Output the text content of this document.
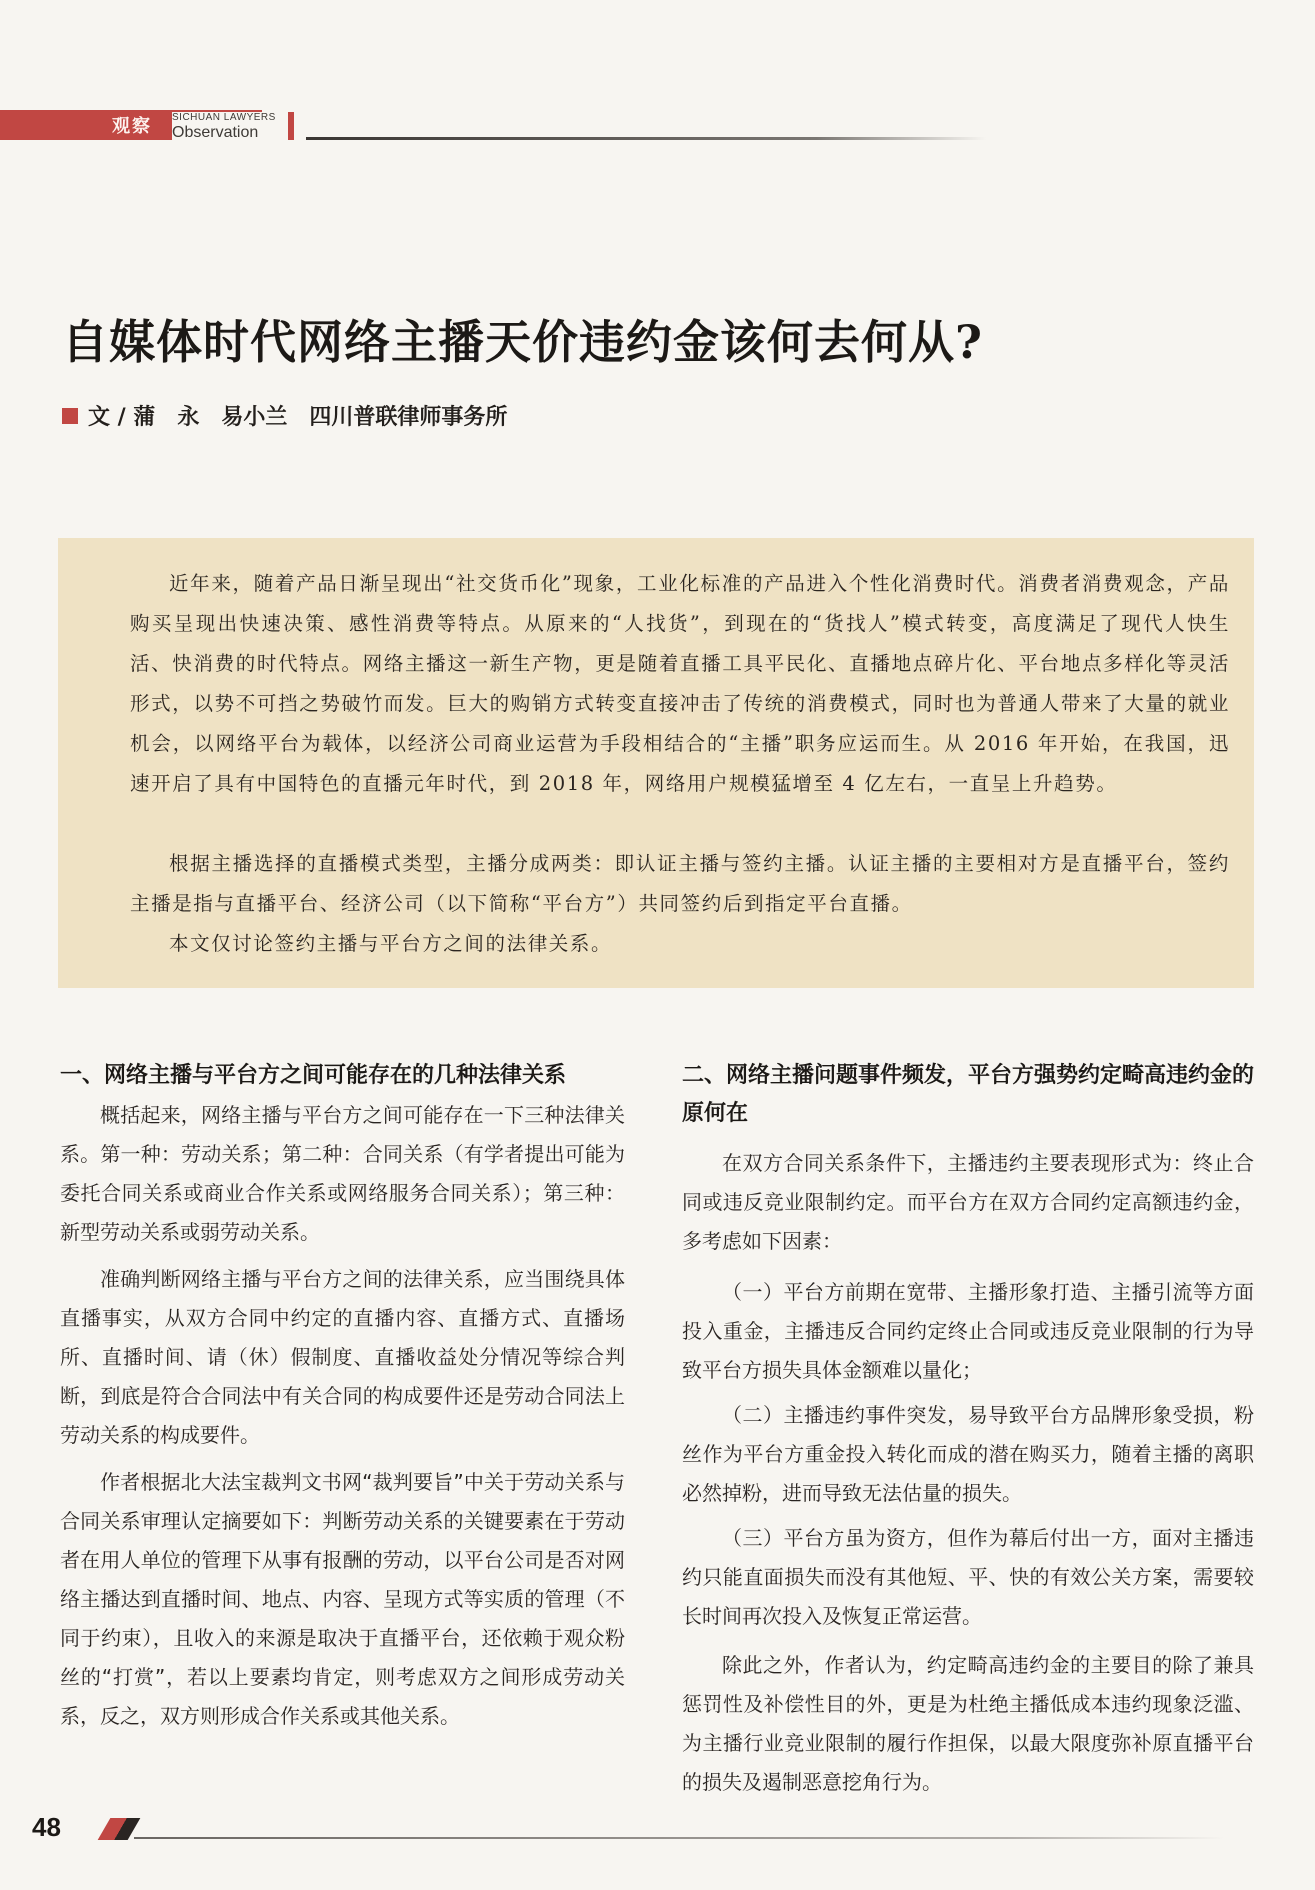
观察 SICHUAN LAWYERS
Observation
自媒体时代网络主播天价违约金该何去何从?
文 / 蒲　永　易小兰　四川普联律师事务所

近年来，随着产品日渐呈现出“社交货币化”现象，工业化标准的产品进入个性化消费时代。消费者消费观念，产品购买呈现出快速决策、感性消费等特点。从原来的“人找货”，到现在的“货找人”模式转变，高度满足了现代人快生活、快消费的时代特点。网络主播这一新生产物，更是随着直播工具平民化、直播地点碎片化、平台地点多样化等灵活形式，以势不可挡之势破竹而发。巨大的购销方式转变直接冲击了传统的消费模式，同时也为普通人带来了大量的就业机会，以网络平台为载体，以经济公司商业运营为手段相结合的“主播”职务应运而生。从 2016 年开始，在我国，迅速开启了具有中国特色的直播元年时代，到 2018 年，网络用户规模猛增至 4 亿左右，一直呈上升趋势。

根据主播选择的直播模式类型，主播分成两类：即认证主播与签约主播。认证主播的主要相对方是直播平台，签约主播是指与直播平台、经济公司（以下简称“平台方”）共同签约后到指定平台直播。

本文仅讨论签约主播与平台方之间的法律关系。

一、网络主播与平台方之间可能存在的几种法律关系

概括起来，网络主播与平台方之间可能存在一下三种法律关系。第一种：劳动关系；第二种：合同关系（有学者提出可能为委托合同关系或商业合作关系或网络服务合同关系）；第三种：新型劳动关系或弱劳动关系。

准确判断网络主播与平台方之间的法律关系，应当围绕具体直播事实，从双方合同中约定的直播内容、直播方式、直播场所、直播时间、请（休）假制度、直播收益处分情况等综合判断，到底是符合合同法中有关合同的构成要件还是劳动合同法上劳动关系的构成要件。

作者根据北大法宝裁判文书网“裁判要旨”中关于劳动关系与合同关系审理认定摘要如下：判断劳动关系的关键要素在于劳动者在用人单位的管理下从事有报酬的劳动，以平台公司是否对网络主播达到直播时间、地点、内容、呈现方式等实质的管理（不同于约束），且收入的来源是取决于直播平台，还依赖于观众粉丝的“打赏”，若以上要素均肯定，则考虑双方之间形成劳动关系，反之，双方则形成合作关系或其他关系。

二、网络主播问题事件频发，平台方强势约定畸高违约金的原何在

在双方合同关系条件下，主播违约主要表现形式为：终止合同或违反竞业限制约定。而平台方在双方合同约定高额违约金，多考虑如下因素：

（一）平台方前期在宽带、主播形象打造、主播引流等方面投入重金，主播违反合同约定终止合同或违反竞业限制的行为导致平台方损失具体金额难以量化；

（二）主播违约事件突发，易导致平台方品牌形象受损，粉丝作为平台方重金投入转化而成的潜在购买力，随着主播的离职必然掉粉，进而导致无法估量的损失。

（三）平台方虽为资方，但作为幕后付出一方，面对主播违约只能直面损失而没有其他短、平、快的有效公关方案，需要较长时间再次投入及恢复正常运营。

除此之外，作者认为，约定畸高违约金的主要目的除了兼具惩罚性及补偿性目的外，更是为杜绝主播低成本违约现象泛滥、为主播行业竞业限制的履行作担保，以最大限度弥补原直播平台的损失及遏制恶意挖角行为。

48
